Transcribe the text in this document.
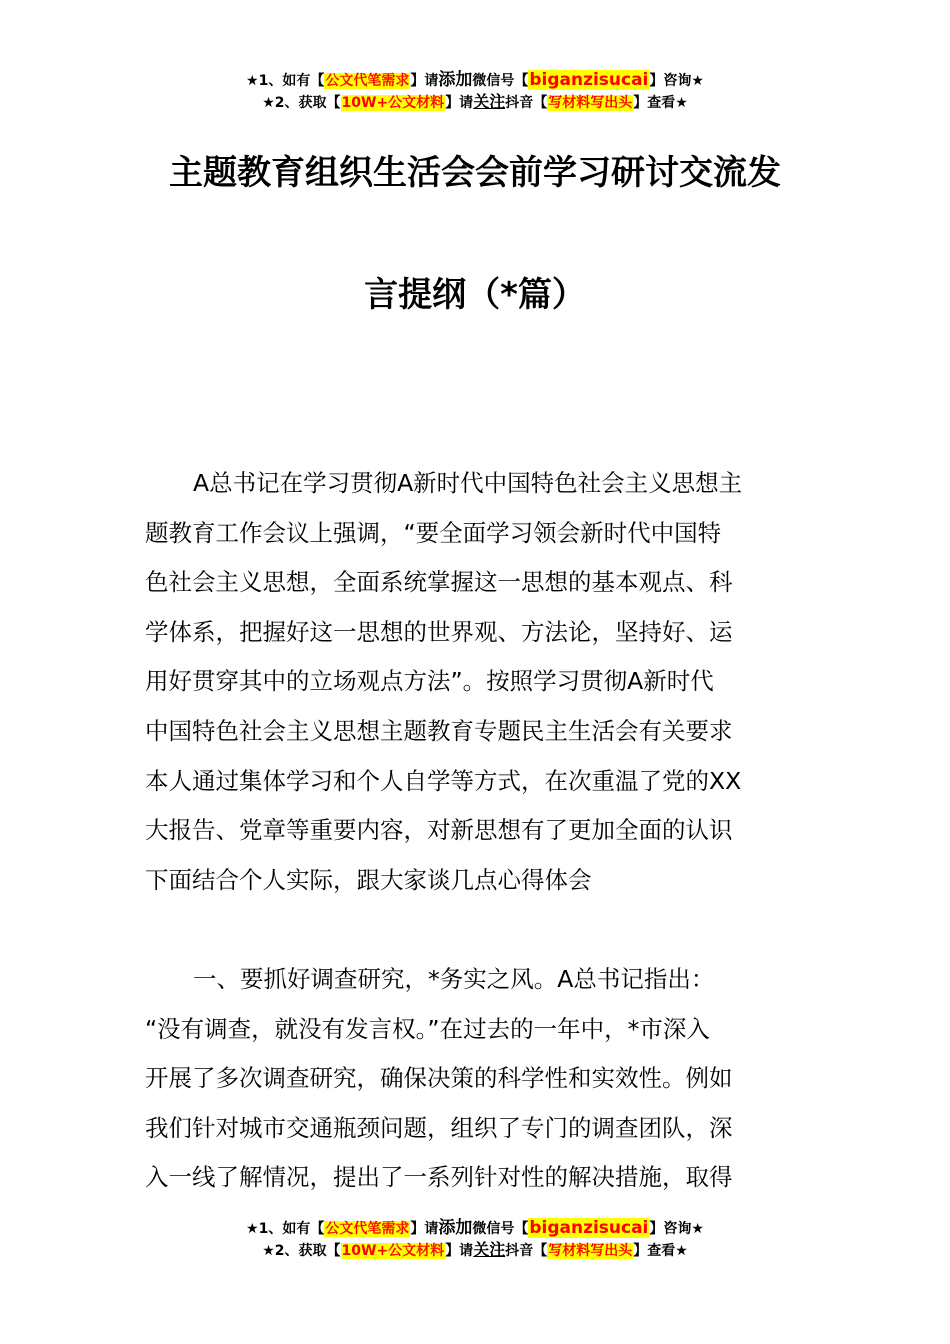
★1、如有【公文代笔需求】请添加微信号【biganzisucai】咨询★
★2、获取【10W+公文材料】请关注抖音【写材料写出头】查看★
主题教育组织生活会会前学习研讨交流发
言提纲（*篇）
A总书记在学习贯彻A新时代中国特色社会主义思想主
题教育工作会议上强调，“要全面学习领会新时代中国特
色社会主义思想，全面系统掌握这一思想的基本观点、科
学体系，把握好这一思想的世界观、方法论，坚持好、运
用好贯穿其中的立场观点方法”。按照学习贯彻A新时代
中国特色社会主义思想主题教育专题民主生活会有关要求
本人通过集体学习和个人自学等方式，在次重温了党的XX
大报告、党章等重要内容，对新思想有了更加全面的认识
下面结合个人实际，跟大家谈几点心得体会
一、要抓好调查研究，*务实之风。A总书记指出：
“没有调查，就没有发言权。”在过去的一年中，*市深入
开展了多次调查研究，确保决策的科学性和实效性。例如
我们针对城市交通瓶颈问题，组织了专门的调查团队，深
入一线了解情况，提出了一系列针对性的解决措施，取得
★1、如有【公文代笔需求】请添加微信号【biganzisucai】咨询★
★2、获取【10W+公文材料】请关注抖音【写材料写出头】查看★
